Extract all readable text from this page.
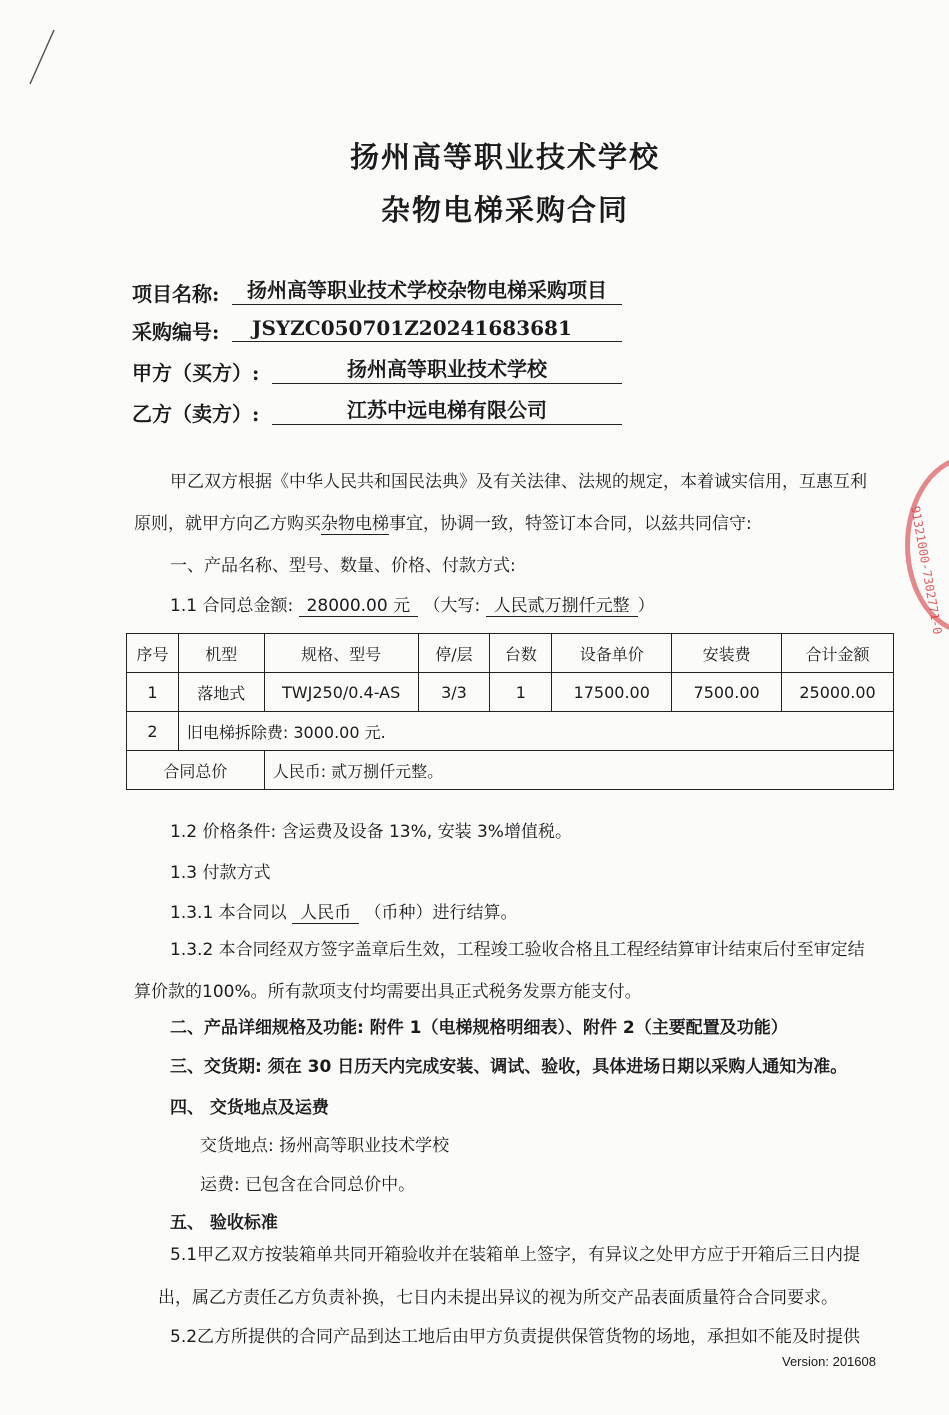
扬州高等职业技术学校
杂物电梯采购合同
项目名称:	扬州高等职业技术学校杂物电梯采购项目
采购编号:	JSYZC050701Z20241683681
甲方（买方）:	扬州高等职业技术学校
乙方（卖方）:	江苏中远电梯有限公司
甲乙双方根据《中华人民共和国民法典》及有关法律、法规的规定，本着诚实信用，互惠互利
原则，就甲方向乙方购买杂物电梯事宜，协调一致，特签订本合同，以兹共同信守:
一、产品名称、型号、数量、价格、付款方式:
1.1 合同总金额: 28000.00 元 （大写: 人民贰万捌仟元整 ）
序号	机型	规格、型号	停/层	台数	设备单价	安装费	合计金额
1	落地式	TWJ250/0.4-AS	3/3	1	17500.00	7500.00	25000.00
2	旧电梯拆除费: 3000.00 元.						
合同总价		人民币: 贰万捌仟元整。					
1.2 价格条件: 含运费及设备 13%, 安装 3%增值税。
1.3 付款方式
1.3.1 本合同以 人民币 （币种）进行结算。
1.3.2 本合同经双方签字盖章后生效，工程竣工验收合格且工程经结算审计结束后付至审定结
算价款的100%。所有款项支付均需要出具正式税务发票方能支付。
二、产品详细规格及功能: 附件 1（电梯规格明细表）、附件 2（主要配置及功能）
三、交货期: 须在 30 日历天内完成安装、调试、验收，具体进场日期以采购人通知为准。
四、 交货地点及运费
交货地点: 扬州高等职业技术学校
运费: 已包含在合同总价中。
五、 验收标准
5.1甲乙双方按装箱单共同开箱验收并在装箱单上签字，有异议之处甲方应于开箱后三日内提
出，属乙方责任乙方负责补换，七日内未提出异议的视为所交产品表面质量符合合同要求。
5.2乙方所提供的合同产品到达工地后由甲方负责提供保管货物的场地，承担如不能及时提供
Version: 201608
91321000-7302771-0
